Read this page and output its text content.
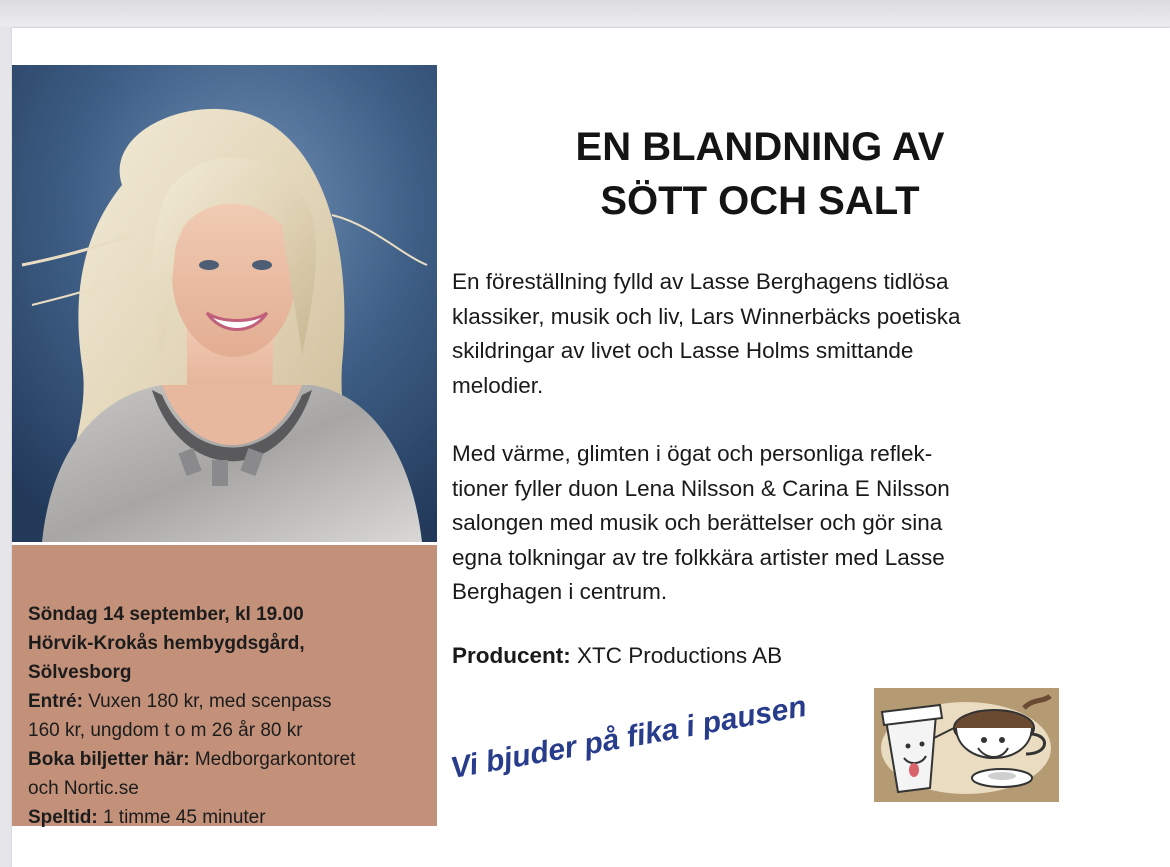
Söndag 14 september, kl 19.00
Hörvik-Krokås hembygdsgård,
Sölvesborg
Entré: Vuxen 180 kr, med scenpass
160 kr, ungdom t o m 26 år 80 kr
Boka biljetter här: Medborgarkontoret
och Nortic.se
Speltid: 1 timme 45 minuter
EN BLANDNING AV
SÖTT OCH SALT
En föreställning fylld av Lasse Berghagens tidlösa
klassiker, musik och liv, Lars Winnerbäcks poetiska
skildringar av livet och Lasse Holms smittande
melodier.
Med värme, glimten i ögat och personliga reflek-
tioner fyller duon Lena Nilsson & Carina E Nilsson
salongen med musik och berättelser och gör sina
egna tolkningar av tre folkkära artister med Lasse
Berghagen i centrum.
Producent: XTC Productions AB
Vi bjuder på fika i pausen
